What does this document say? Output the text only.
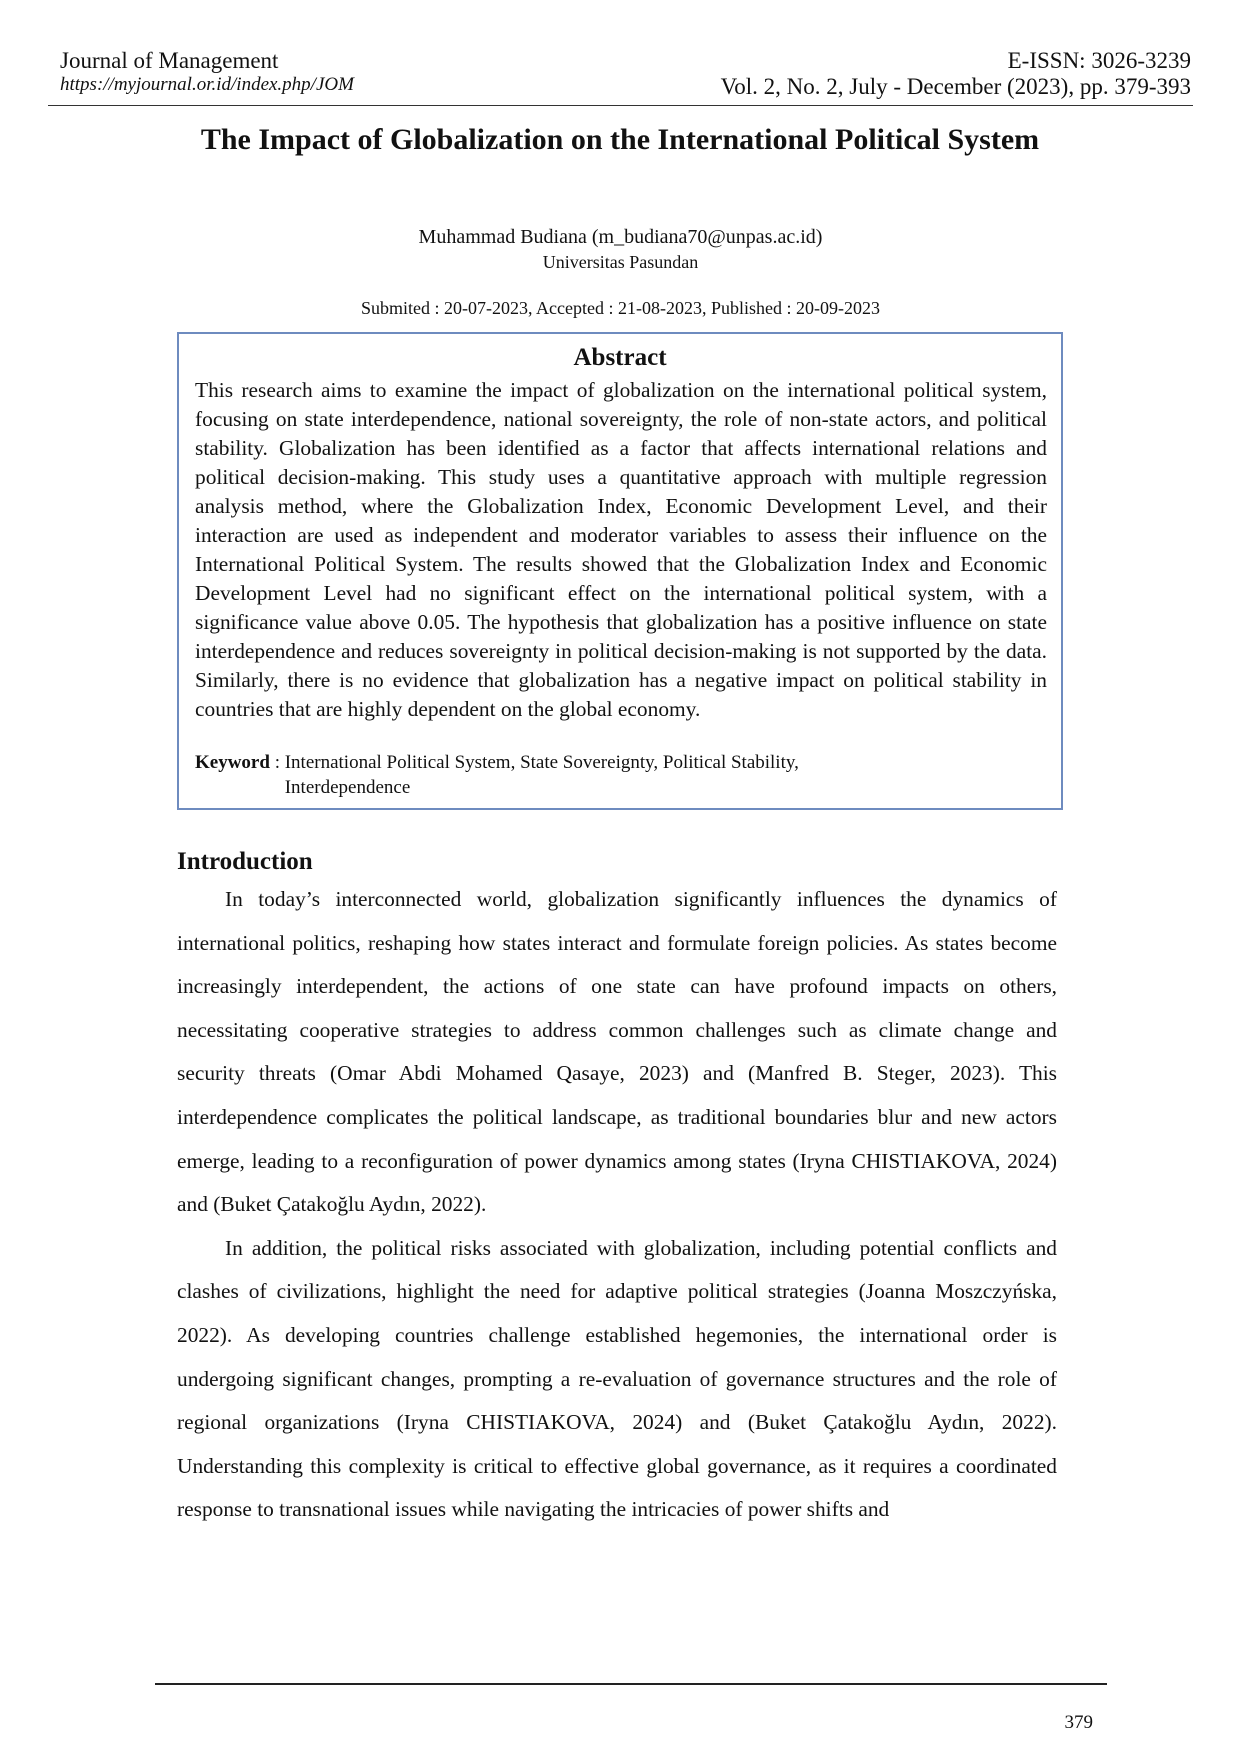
Journal of Management
https://myjournal.or.id/index.php/JOM
E-ISSN: 3026-3239
Vol. 2, No. 2, July - December (2023), pp. 379-393
The Impact of Globalization on the International Political System
Muhammad Budiana (m_budiana70@unpas.ac.id)
Universitas Pasundan
Submited : 20-07-2023, Accepted : 21-08-2023, Published : 20-09-2023
Abstract

This research aims to examine the impact of globalization on the international political system, focusing on state interdependence, national sovereignty, the role of non-state actors, and political stability. Globalization has been identified as a factor that affects international relations and political decision-making. This study uses a quantitative approach with multiple regression analysis method, where the Globalization Index, Economic Development Level, and their interaction are used as independent and moderator variables to assess their influence on the International Political System. The results showed that the Globalization Index and Economic Development Level had no significant effect on the international political system, with a significance value above 0.05. The hypothesis that globalization has a positive influence on state interdependence and reduces sovereignty in political decision-making is not supported by the data. Similarly, there is no evidence that globalization has a negative impact on political stability in countries that are highly dependent on the global economy.

Keyword : International Political System, State Sovereignty, Political Stability, Interdependence
Introduction

In today’s interconnected world, globalization significantly influences the dynamics of international politics, reshaping how states interact and formulate foreign policies. As states become increasingly interdependent, the actions of one state can have profound impacts on others, necessitating cooperative strategies to address common challenges such as climate change and security threats (Omar Abdi Mohamed Qasaye, 2023) and (Manfred B. Steger, 2023). This interdependence complicates the political landscape, as traditional boundaries blur and new actors emerge, leading to a reconfiguration of power dynamics among states (Iryna CHISTIAKOVA, 2024) and (Buket Çatakoğlu Aydın, 2022).

In addition, the political risks associated with globalization, including potential conflicts and clashes of civilizations, highlight the need for adaptive political strategies (Joanna Moszczyńska, 2022). As developing countries challenge established hegemonies, the international order is undergoing significant changes, prompting a re-evaluation of governance structures and the role of regional organizations (Iryna CHISTIAKOVA, 2024) and (Buket Çatakoğlu Aydın, 2022). Understanding this complexity is critical to effective global governance, as it requires a coordinated response to transnational issues while navigating the intricacies of power shifts and

379
